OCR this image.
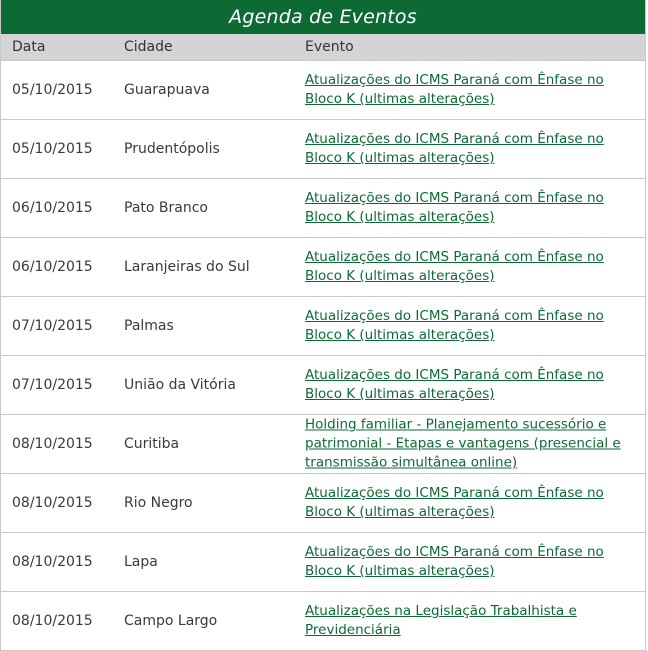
Agenda de Eventos
Data	Cidade	Evento
05/10/2015 Guarapuava
Atualizações do ICMS Paraná com Ênfase no Bloco K (ultimas alterações)
05/10/2015 Prudentópolis
Atualizações do ICMS Paraná com Ênfase no Bloco K (ultimas alterações)
06/10/2015 Pato Branco
Atualizações do ICMS Paraná com Ênfase no Bloco K (ultimas alterações)
06/10/2015 Laranjeiras do Sul
Atualizações do ICMS Paraná com Ênfase no Bloco K (ultimas alterações)
07/10/2015 Palmas
Atualizações do ICMS Paraná com Ênfase no Bloco K (ultimas alterações)
07/10/2015 União da Vitória
Atualizações do ICMS Paraná com Ênfase no Bloco K (ultimas alterações)
08/10/2015 Curitiba
Holding familiar - Planejamento sucessório e patrimonial - Etapas e vantagens (presencial e transmissão simultânea online)
08/10/2015 Rio Negro
Atualizações do ICMS Paraná com Ênfase no Bloco K (ultimas alterações)
08/10/2015 Lapa
Atualizações do ICMS Paraná com Ênfase no Bloco K (ultimas alterações)
08/10/2015 Campo Largo
Atualizações na Legislação Trabalhista e Previdenciária
